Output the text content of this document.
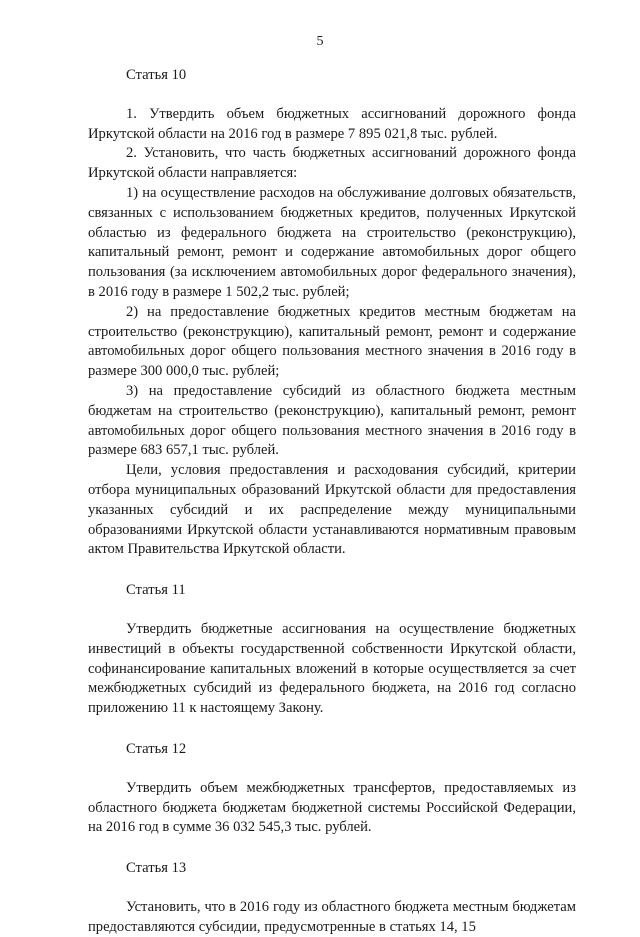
5
Статья 10

1. Утвердить объем бюджетных ассигнований дорожного фонда Иркутской области на 2016 год в размере 7 895 021,8 тыс. рублей.

2. Установить, что часть бюджетных ассигнований дорожного фонда Иркутской области направляется:

1) на осуществление расходов на обслуживание долговых обязательств, связанных с использованием бюджетных кредитов, полученных Иркутской областью из федерального бюджета на строительство (реконструкцию), капитальный ремонт, ремонт и содержание автомобильных дорог общего пользования (за исключением автомобильных дорог федерального значения), в 2016 году в размере 1 502,2 тыс. рублей;

2) на предоставление бюджетных кредитов местным бюджетам на строительство (реконструкцию), капитальный ремонт, ремонт и содержание автомобильных дорог общего пользования местного значения в 2016 году в размере 300 000,0 тыс. рублей;

3) на предоставление субсидий из областного бюджета местным бюджетам на строительство (реконструкцию), капитальный ремонт, ремонт автомобильных дорог общего пользования местного значения в 2016 году в размере 683 657,1 тыс. рублей.

Цели, условия предоставления и расходования субсидий, критерии отбора муниципальных образований Иркутской области для предоставления указанных субсидий и их распределение между муниципальными образованиями Иркутской области устанавливаются нормативным правовым актом Правительства Иркутской области.

Статья 11

Утвердить бюджетные ассигнования на осуществление бюджетных инвестиций в объекты государственной собственности Иркутской области, софинансирование капитальных вложений в которые осуществляется за счет межбюджетных субсидий из федерального бюджета, на 2016 год согласно приложению 11 к настоящему Закону.

Статья 12

Утвердить объем межбюджетных трансфертов, предоставляемых из областного бюджета бюджетам бюджетной системы Российской Федерации, на 2016 год в сумме 36 032 545,3 тыс. рублей.

Статья 13

Установить, что в 2016 году из областного бюджета местным бюджетам предоставляются субсидии, предусмотренные в статьях 14, 15
